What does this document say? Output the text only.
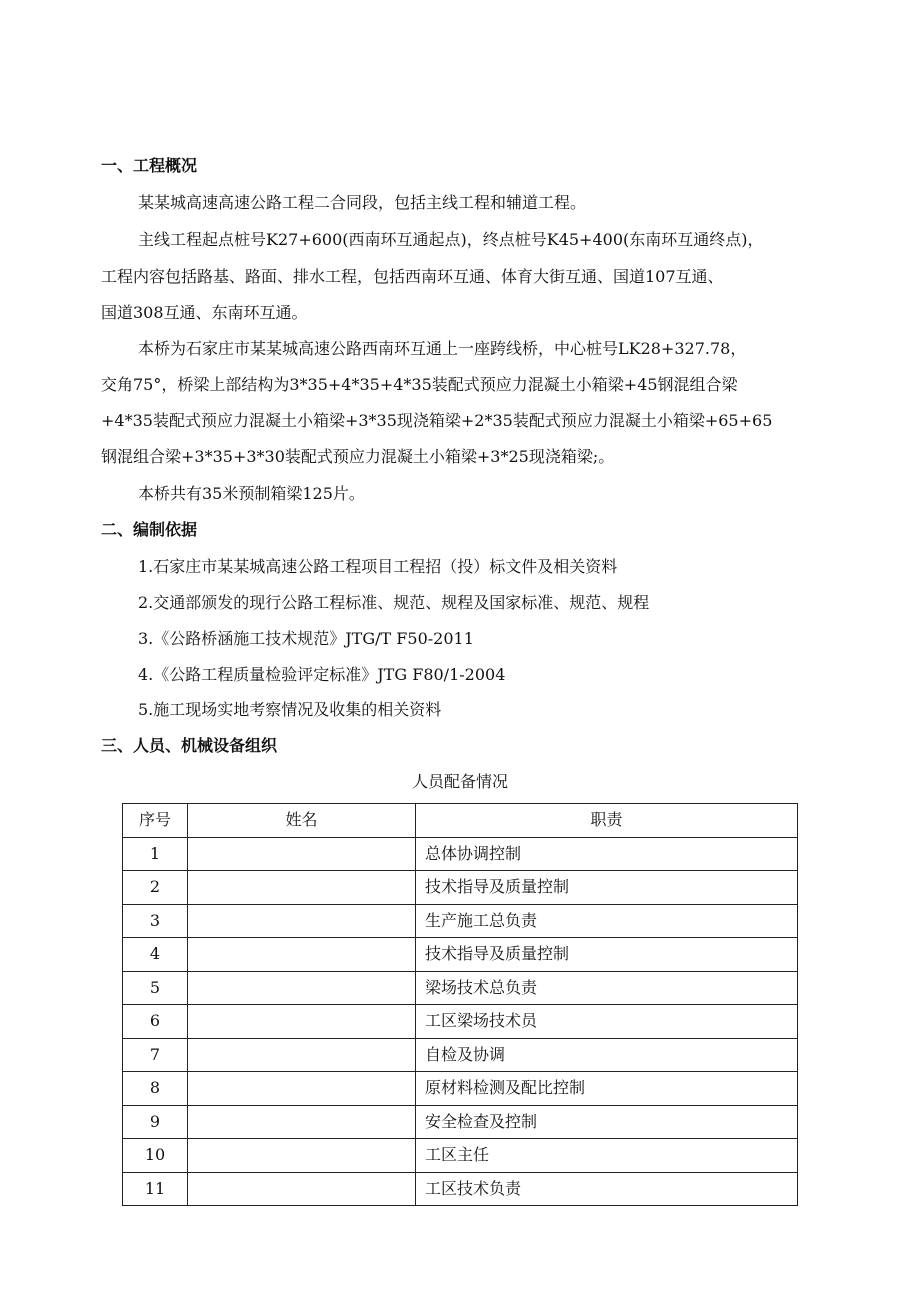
一、工程概况
某某城高速高速公路工程二合同段，包括主线工程和辅道工程。
主线工程起点桩号K27+600(西南环互通起点)，终点桩号K45+400(东南环互通终点)，
工程内容包括路基、路面、排水工程，包括西南环互通、体育大街互通、国道107互通、
国道308互通、东南环互通。
本桥为石家庄市某某城高速公路西南环互通上一座跨线桥，中心桩号LK28+327.78，
交角75°，桥梁上部结构为3*35+4*35+4*35装配式预应力混凝土小箱梁+45钢混组合梁
+4*35装配式预应力混凝土小箱梁+3*35现浇箱梁+2*35装配式预应力混凝土小箱梁+65+65
钢混组合梁+3*35+3*30装配式预应力混凝土小箱梁+3*25现浇箱梁;。
本桥共有35米预制箱梁125片。
二、编制依据
1.石家庄市某某城高速公路工程项目工程招（投）标文件及相关资料
2.交通部颁发的现行公路工程标准、规范、规程及国家标准、规范、规程
3.《公路桥涵施工技术规范》JTG/T F50-2011
4.《公路工程质量检验评定标准》JTG F80/1-2004
5.施工现场实地考察情况及收集的相关资料
三、人员、机械设备组织
人员配备情况
序号	姓名	职责
1		总体协调控制
2		技术指导及质量控制
3		生产施工总负责
4		技术指导及质量控制
5		梁场技术总负责
6		工区梁场技术员
7		自检及协调
8		原材料检测及配比控制
9		安全检查及控制
10		工区主任
11		工区技术负责
